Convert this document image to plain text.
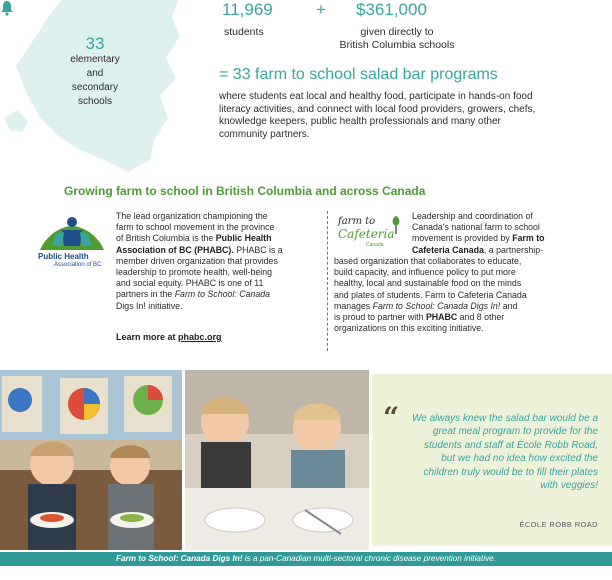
33
elementary
and
secondary
schools
11,969	+ $361,000
students	given directly to
British Columbia schools
= 33 farm to school salad bar programs
where students eat local and healthy food, participate in hands-on food literacy activities, and connect with local food providers, growers, chefs, knowledge keepers, public health professionals and many other community partners.
Growing farm to school in British Columbia and across Canada
Public Health
Association of BC
The lead organization championing the
farm to school movement in the province
of British Columbia is the Public Health
Association of BC (PHABC). PHABC is a
member driven organization that provides
leadership to promote health, well-being
and social equity. PHABC is one of 11
partners in the Farm to School: Canada
Digs In! initiative.
Learn more at phabc.org
farm to
Cafeteria
Canada
Leadership and coordination of
Canada's national farm to school
movement is provided by Farm to
Cafeteria Canada, a partnership-
based organization that collaborates to educate,
build capacity, and influence policy to put more
healthy, local and sustainable food on the minds
and plates of students. Farm to Cafeteria Canada
manages Farm to School: Canada Digs In! and
is proud to partner with PHABC and 8 other
organizations on this exciting initiative.
“ We always knew the salad bar would be a great meal program to provide for the students and staff at École Robb Road, but we had no idea how excited the children truly would be to fill their plates with veggies!
ÉCOLE ROBB ROAD
Farm to School: Canada Digs In! is a pan-Canadian multi-sectoral chronic disease prevention initiative.
